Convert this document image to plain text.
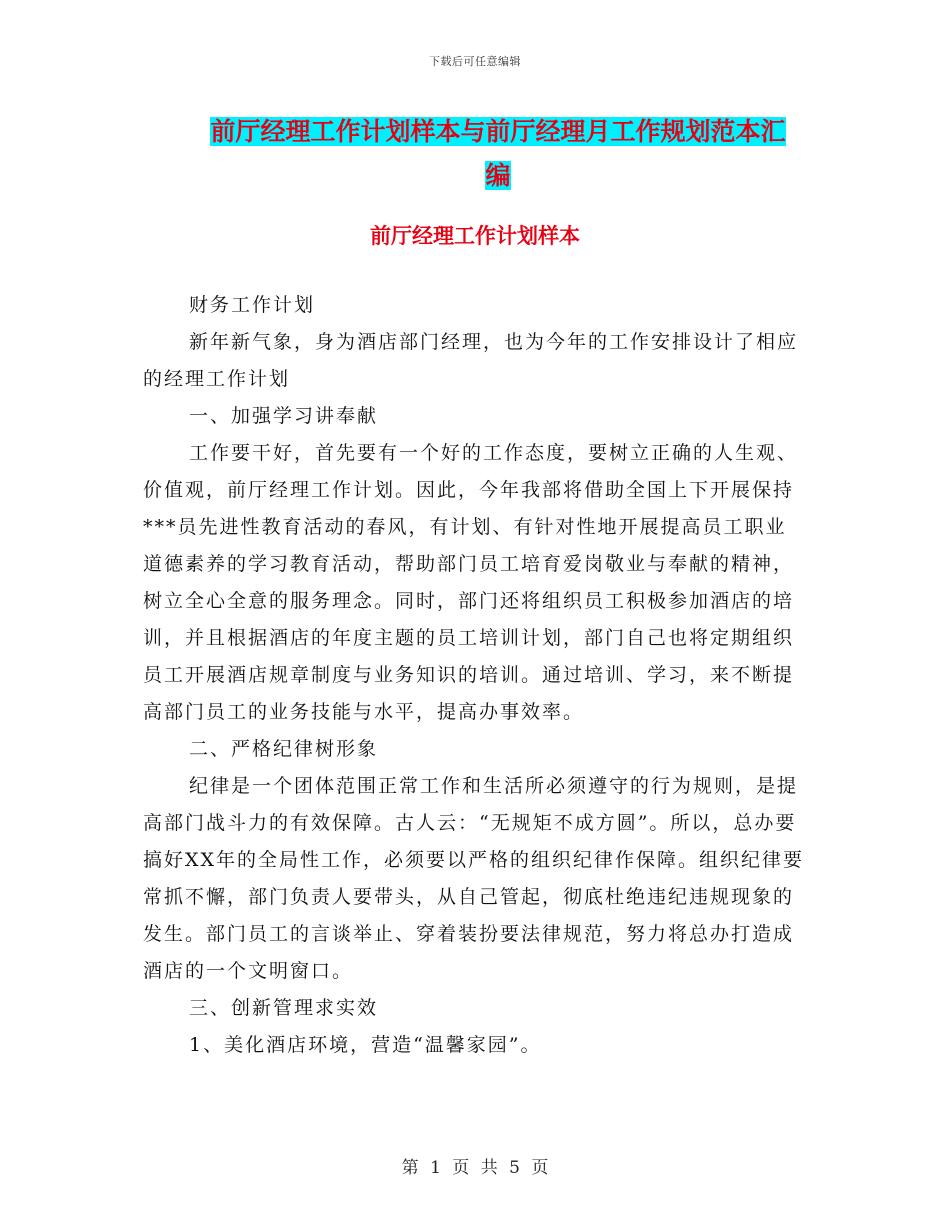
下载后可任意编辑
前厅经理工作计划样本与前厅经理月工作规划范本汇
编
前厅经理工作计划样本

财务工作计划

新年新气象，身为酒店部门经理，也为今年的工作安排设计了相应的经理工作计划

一、加强学习讲奉献

工作要干好，首先要有一个好的工作态度，要树立正确的人生观、价值观，前厅经理工作计划。因此，今年我部将借助全国上下开展保持***员先进性教育活动的春风，有计划、有针对性地开展提高员工职业道德素养的学习教育活动，帮助部门员工培育爱岗敬业与奉献的精神，树立全心全意的服务理念。同时，部门还将组织员工积极参加酒店的培训，并且根据酒店的年度主题的员工培训计划，部门自己也将定期组织员工开展酒店规章制度与业务知识的培训。通过培训、学习，来不断提高部门员工的业务技能与水平，提高办事效率。

二、严格纪律树形象

纪律是一个团体范围正常工作和生活所必须遵守的行为规则，是提高部门战斗力的有效保障。古人云：“无规矩不成方圆”。所以，总办要搞好XX年的全局性工作，必须要以严格的组织纪律作保障。组织纪律要常抓不懈，部门负责人要带头，从自己管起，彻底杜绝违纪违规现象的发生。部门员工的言谈举止、穿着装扮要法律规范，努力将总办打造成酒店的一个文明窗口。

三、创新管理求实效

1、美化酒店环境，营造“温馨家园”。

第 1 页 共 5 页
